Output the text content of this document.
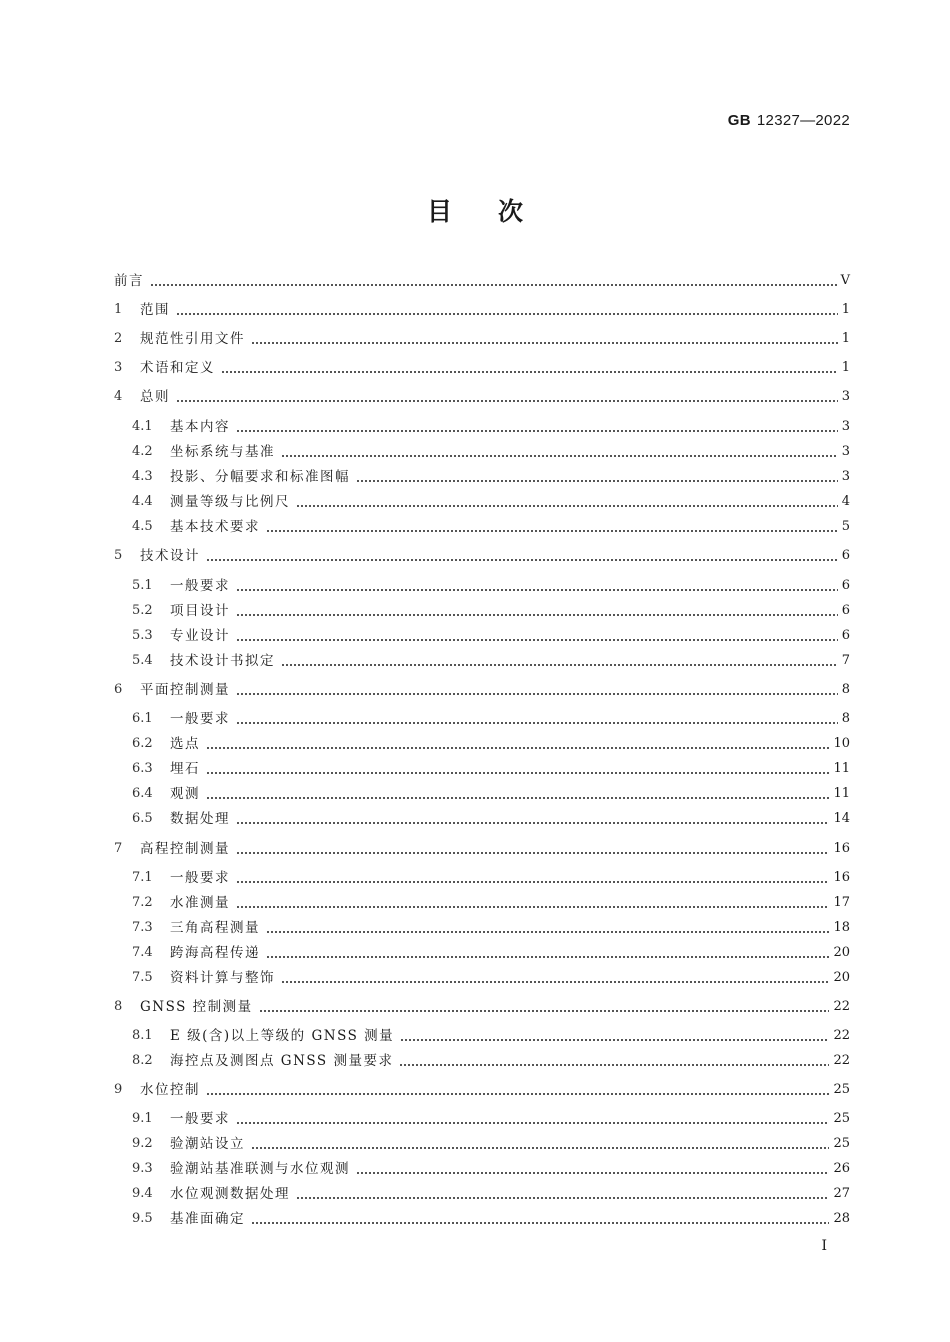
GB 12327—2022
目次
前言	V
1	范围	1
2	规范性引用文件	1
3	术语和定义	1
4	总则	3
4.1	基本内容	3
4.2	坐标系统与基准	3
4.3	投影、分幅要求和标准图幅	3
4.4	测量等级与比例尺	4
4.5	基本技术要求	5
5	技术设计	6
5.1	一般要求	6
5.2	项目设计	6
5.3	专业设计	6
5.4	技术设计书拟定	7
6	平面控制测量	8
6.1	一般要求	8
6.2	选点	10
6.3	埋石	11
6.4	观测	11
6.5	数据处理	14
7	高程控制测量	16
7.1	一般要求	16
7.2	水准测量	17
7.3	三角高程测量	18
7.4	跨海高程传递	20
7.5	资料计算与整饰	20
8	GNSS 控制测量	22
8.1	E 级(含)以上等级的 GNSS 测量	22
8.2	海控点及测图点 GNSS 测量要求	22
9	水位控制	25
9.1	一般要求	25
9.2	验潮站设立	25
9.3	验潮站基准联测与水位观测	26
9.4	水位观测数据处理	27
9.5	基准面确定	28
I
